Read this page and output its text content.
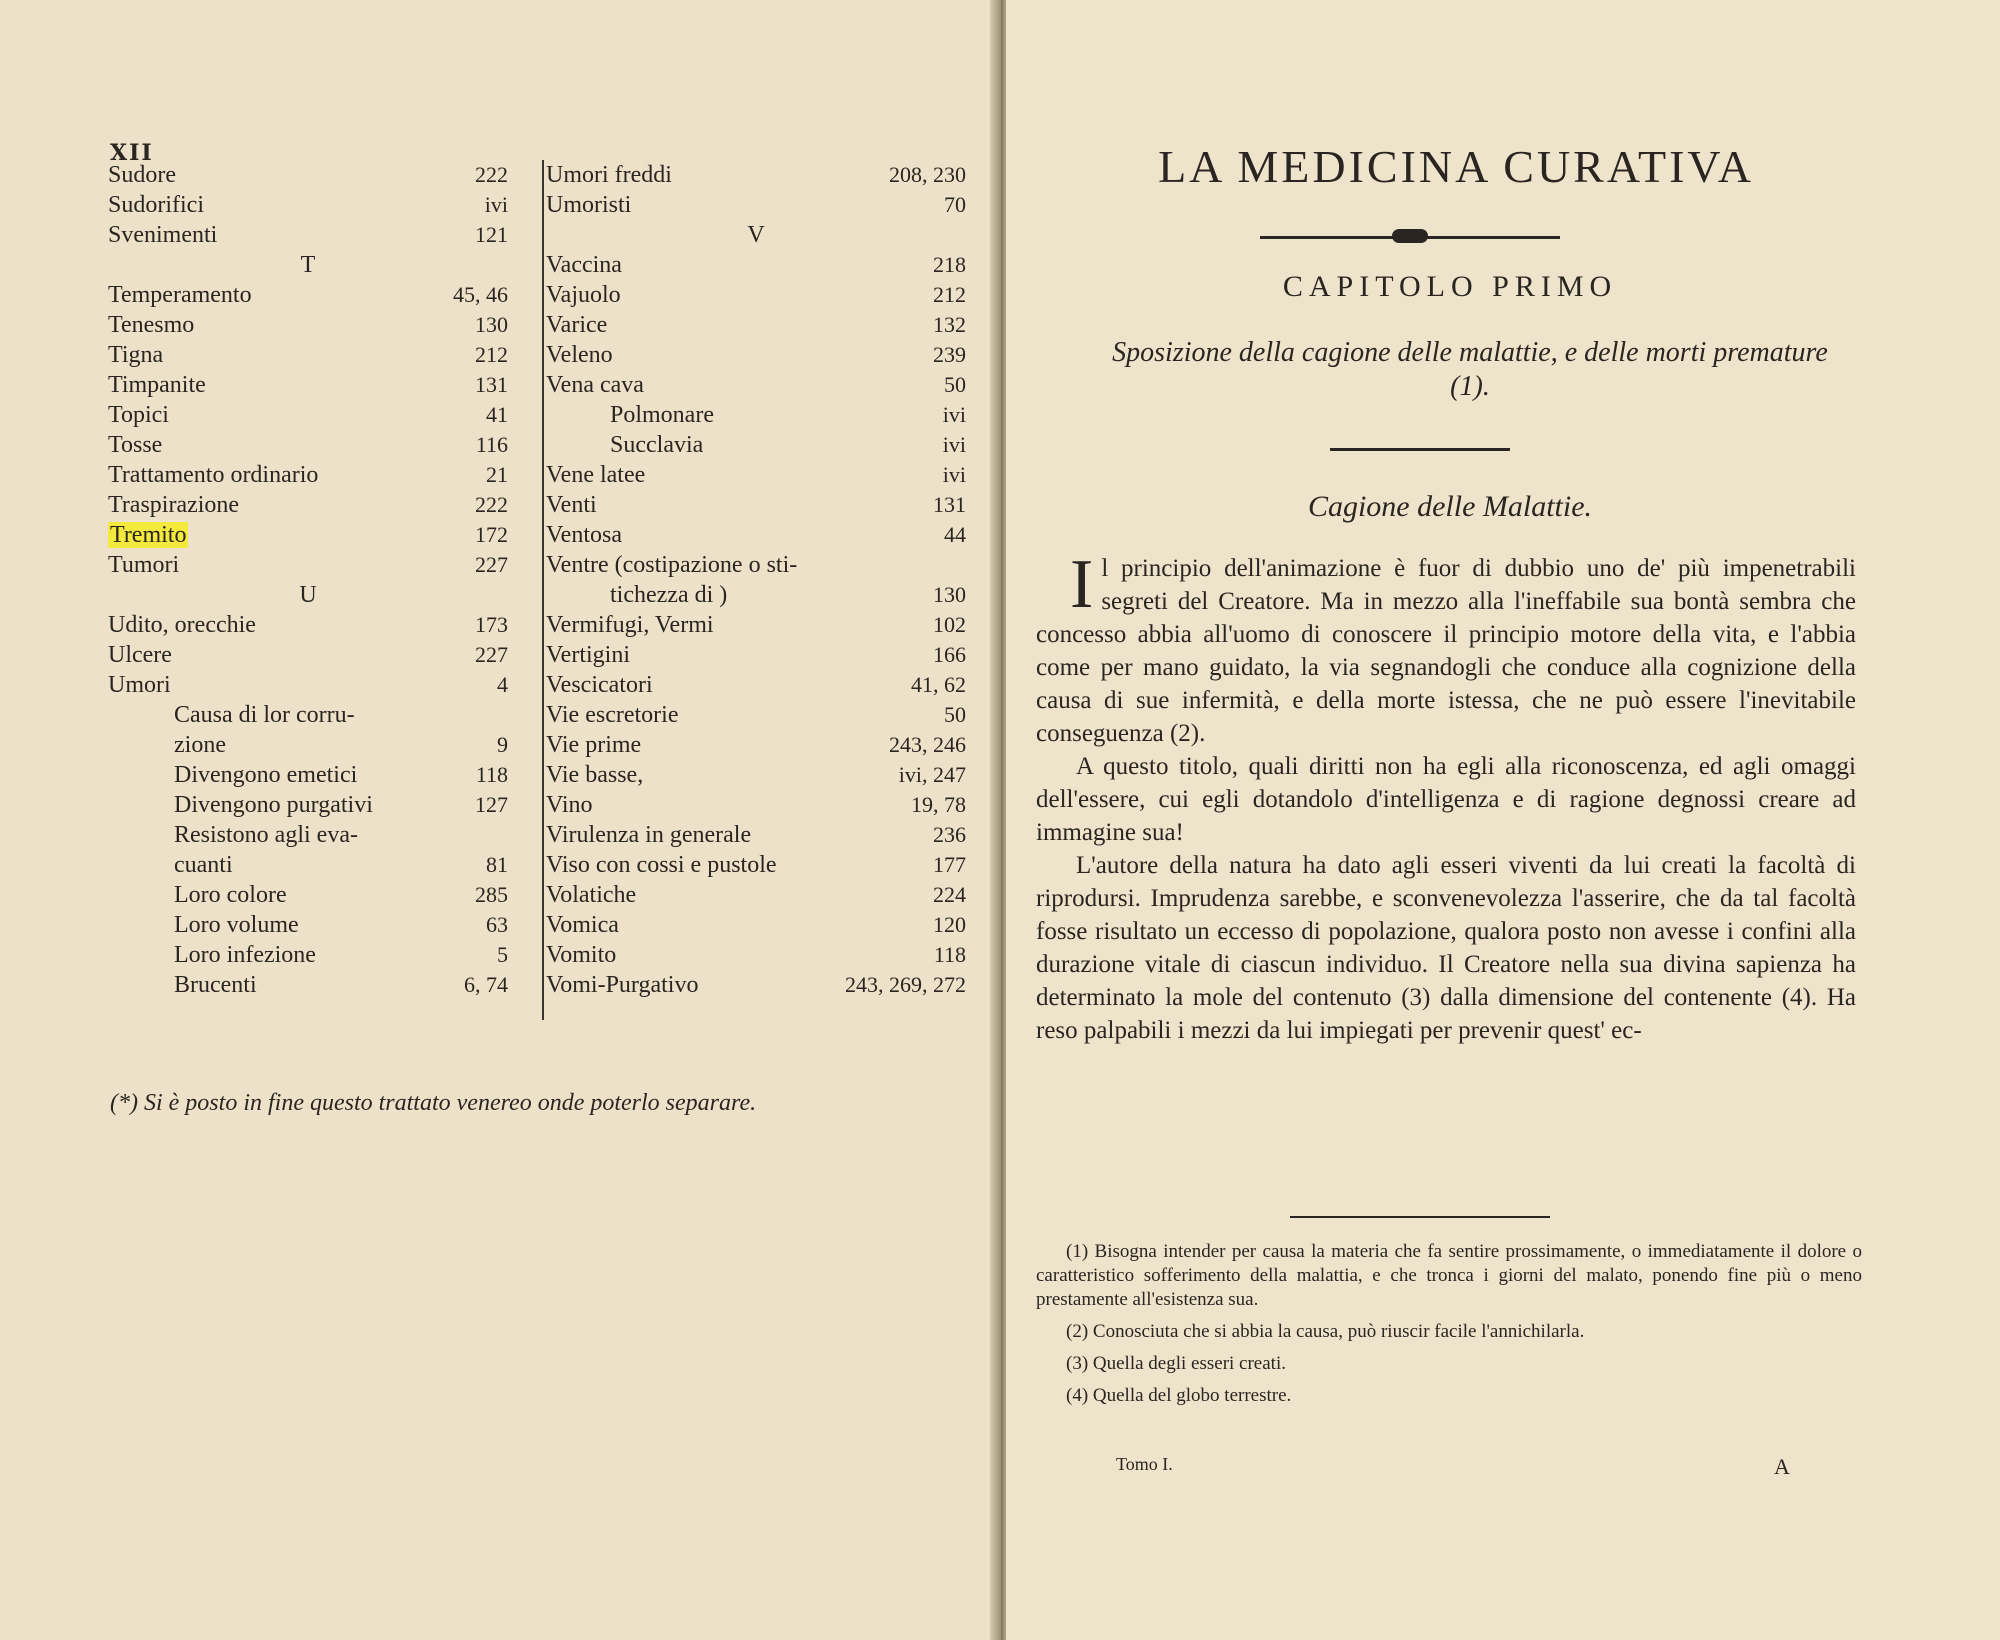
XII
Sudore	222
Sudorifici	ivi
Svenimenti	121
T
Temperamento	45, 46
Tenesmo	130
Tigna	212
Timpanite	131
Topici	41
Tosse	116
Trattamento ordinario	21
Traspirazione	222
Tremito	172
Tumori	227
U
Udito, orecchie	173
Ulcere	227
Umori	4
Causa di lor corru-
zione	9
Divengono emetici	118
Divengono purgativi	127
Resistono agli eva-
cuanti	81
Loro colore	285
Loro volume	63
Loro infezione	5
Brucenti	6, 74
Umori freddi	208, 230
Umoristi	70
V
Vaccina	218
Vajuolo	212
Varice	132
Veleno	239
Vena cava	50
Polmonare	ivi
Succlavia	ivi
Vene latee	ivi
Venti	131
Ventosa	44
Ventre (costipazione o sti-
tichezza di )	130
Vermifugi, Vermi	102
Vertigini	166
Vescicatori	41, 62
Vie escretorie	50
Vie prime	243, 246
Vie basse,	ivi, 247
Vino	19, 78
Virulenza in generale	236
Viso con cossi e pustole	177
Volatiche	224
Vomica	120
Vomito	118
Vomi-Purgativo	243, 269, 272
(*) Si è posto in fine questo trattato venereo onde poterlo separare.
LA MEDICINA CURATIVA
CAPITOLO PRIMO
Sposizione della cagione delle malattie, e delle morti premature (1).
Cagione delle Malattie.

Il principio dell'animazione è fuor di dubbio uno de' più impenetrabili segreti del Creatore. Ma in mezzo alla l'ineffabile sua bontà sembra che concesso abbia all'uomo di conoscere il principio motore della vita, e l'abbia come per mano guidato, la via segnandogli che conduce alla cognizione della causa di sue infermità, e della morte istessa, che ne può essere l'inevitabile conseguenza (2).

A questo titolo, quali diritti non ha egli alla riconoscenza, ed agli omaggi dell'essere, cui egli dotandolo d'intelligenza e di ragione degnossi creare ad immagine sua!

L'autore della natura ha dato agli esseri viventi da lui creati la facoltà di riprodursi. Imprudenza sarebbe, e sconvenevolezza l'asserire, che da tal facoltà fosse risultato un eccesso di popolazione, qualora posto non avesse i confini alla durazione vitale di ciascun individuo. Il Creatore nella sua divina sapienza ha determinato la mole del contenuto (3) dalla dimensione del contenente (4). Ha reso palpabili i mezzi da lui impiegati per prevenir quest' ec-

(1) Bisogna intender per causa la materia che fa sentire prossimamente, o immediatamente il dolore o caratteristico sofferimento della malattia, e che tronca i giorni del malato, ponendo fine più o meno prestamente all'esistenza sua.

(2) Conosciuta che si abbia la causa, può riuscir facile l'annichilarla.

(3) Quella degli esseri creati.

(4) Quella del globo terrestre.

Tomo I.	A
